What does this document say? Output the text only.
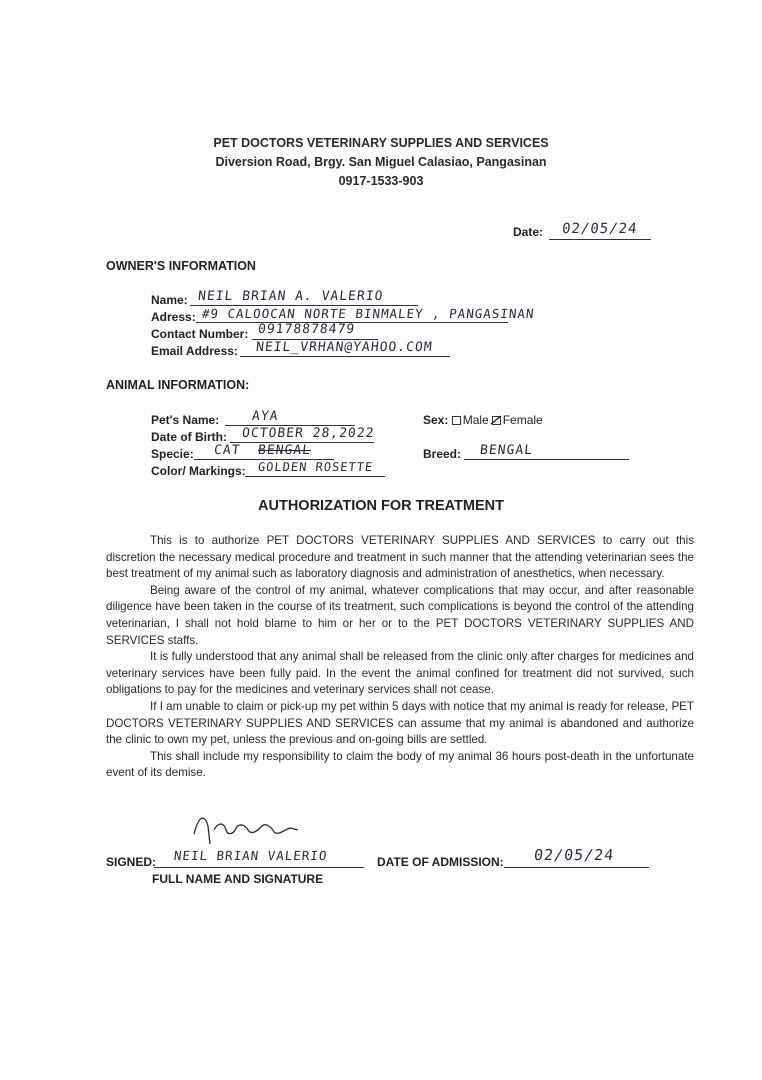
PET DOCTORS VETERINARY SUPPLIES AND SERVICES
Diversion Road, Brgy. San Miguel Calasiao, Pangasinan
0917-1533-903
Date: 02/05/24
OWNER'S INFORMATION
Name: NEIL BRIAN A. VALERIO
Adress: #9 CALOOCAN NORTE BINMALEY , PANGASINAN
Contact Number: 09178878479
Email Address: NEIL_VRHAN@YAHOO.COM
ANIMAL INFORMATION:
Pet's Name: AYA
Date of Birth: OCTOBER 28,2022
Specie: CAT BENGAL
Color/ Markings: GOLDEN ROSETTE
Sex: Male Female
Breed: BENGAL
AUTHORIZATION FOR TREATMENT

This is to authorize PET DOCTORS VETERINARY SUPPLIES AND SERVICES to carry out this discretion the necessary medical procedure and treatment in such manner that the attending veterinarian sees the best treatment of my animal such as laboratory diagnosis and administration of anesthetics, when necessary.

Being aware of the control of my animal, whatever complications that may occur, and after reasonable diligence have been taken in the course of its treatment, such complications is beyond the control of the attending veterinarian, I shall not hold blame to him or her or to the PET DOCTORS VETERINARY SUPPLIES AND SERVICES staffs.

It is fully understood that any animal shall be released from the clinic only after charges for medicines and veterinary services have been fully paid. In the event the animal confined for treatment did not survived, such obligations to pay for the medicines and veterinary services shall not cease.

If I am unable to claim or pick-up my pet within 5 days with notice that my animal is ready for release, PET DOCTORS VETERINARY SUPPLIES AND SERVICES can assume that my animal is abandoned and authorize the clinic to own my pet, unless the previous and on-going bills are settled.

This shall include my responsibility to claim the body of my animal 36 hours post-death in the unfortunate event of its demise.

SIGNED: NEIL BRIAN VALERIO
FULL NAME AND SIGNATURE
DATE OF ADMISSION: 02/05/24
